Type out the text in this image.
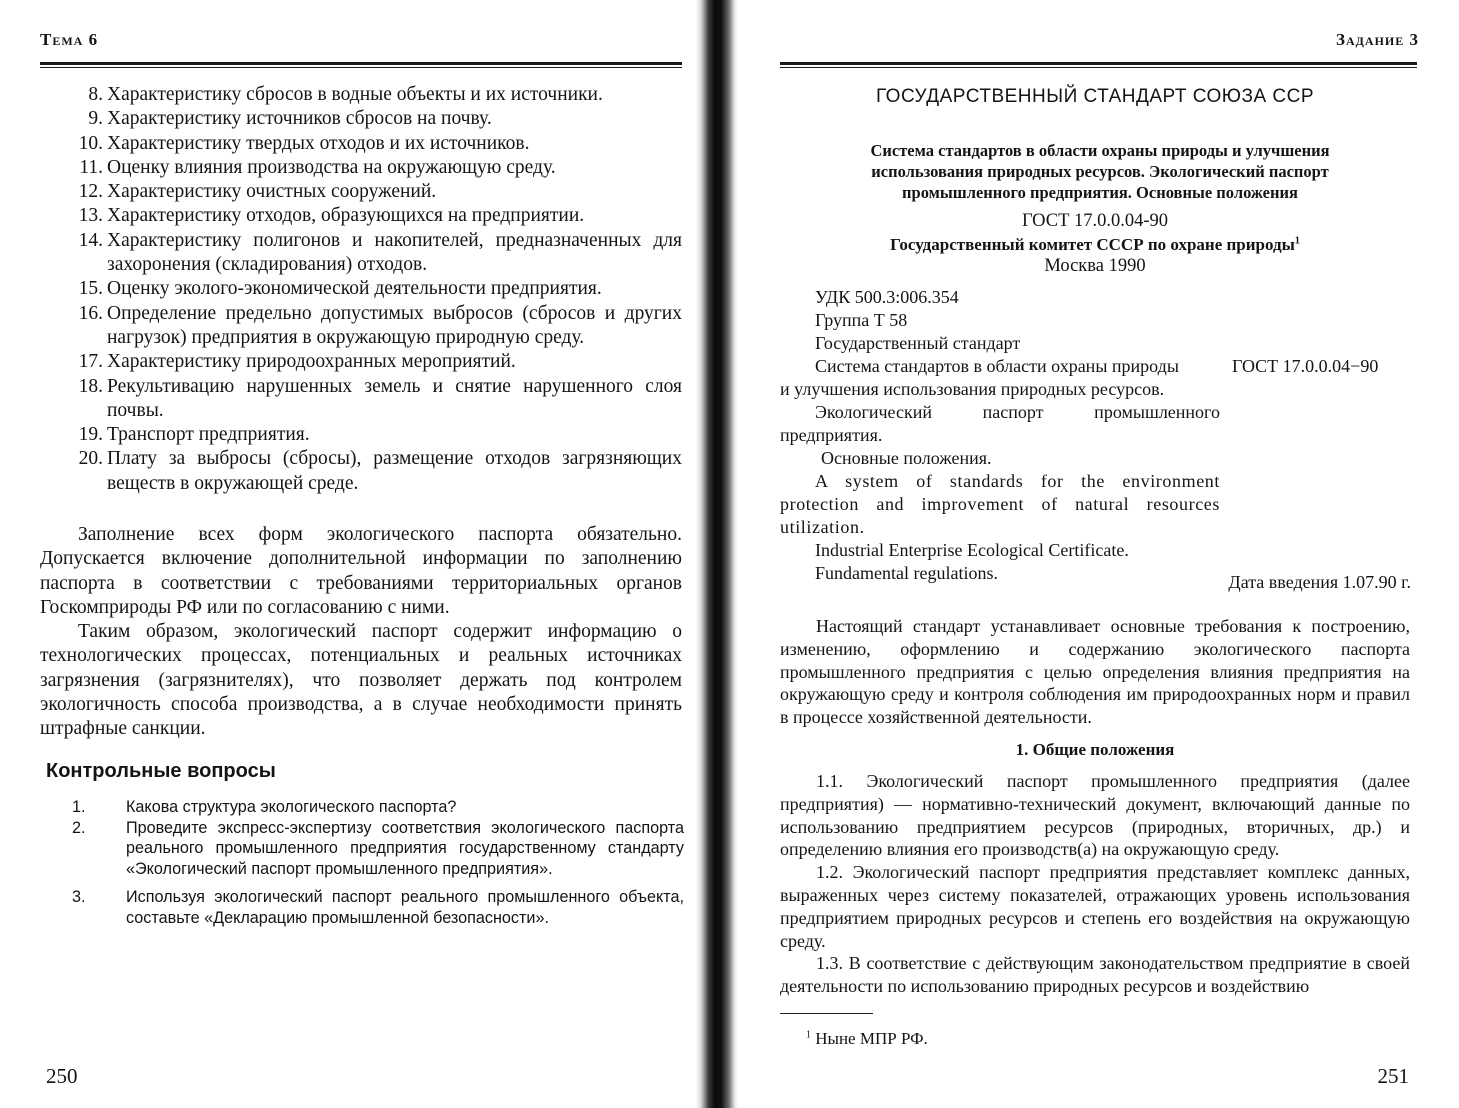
Тема 6
8. Характеристику сбросов в водные объекты и их источники.
9. Характеристику источников сбросов на почву.
10. Характеристику твердых отходов и их источников.
11. Оценку влияния производства на окружающую среду.
12. Характеристику очистных сооружений.
13. Характеристику отходов, образующихся на предприятии.
14. Характеристику полигонов и накопителей, предназначенных для захоронения (складирования) отходов.
15. Оценку эколого-экономической деятельности предприятия.
16. Определение предельно допустимых выбросов (сбросов и других нагрузок) предприятия в окружающую природную среду.
17. Характеристику природоохранных мероприятий.
18. Рекультивацию нарушенных земель и снятие нарушенного слоя почвы.
19. Транспорт предприятия.
20. Плату за выбросы (сбросы), размещение отходов загрязняющих веществ в окружающей среде.

Заполнение всех форм экологического паспорта обязательно. Допускается включение дополнительной информации по заполнению паспорта в соответствии с требованиями территориальных органов Госкомприроды РФ или по согласованию с ними.

Таким образом, экологический паспорт содержит информацию о технологических процессах, потенциальных и реальных источниках загрязнения (загрязнителях), что позволяет держать под контролем экологичность способа производства, а в случае необходимости принять штрафные санкции.

Контрольные вопросы
1.	Какова структура экологического паспорта?
2.	Проведите экспресс-экспертизу соответствия экологического паспорта реального промышленного предприятия государственному стандарту «Экологический паспорт промышленного предприятия».
3.	Используя экологический паспорт реального промышленного объекта, составьте «Декларацию промышленной безопасности».
250
Задание 3
ГОСУДАРСТВЕННЫЙ СТАНДАРТ СОЮЗА ССР
Система стандартов в области охраны природы и улучшения использования природных ресурсов. Экологический паспорт промышленного предприятия. Основные положения
ГОСТ 17.0.0.04-90
Государственный комитет СССР по охране природы$^1$
Москва 1990

УДК 500.3:006.354

Группа Т 58

Государственный стандарт

Система стандартов в области охраны природы

и улучшения использования природных ресурсов.

Экологический паспорт промышленного предприятия.

Основные положения.

A system of standards for the environment protection and improvement of natural resources utilization.

Industrial Enterprise Ecological Certificate.

Fundamental regulations.

ГОСТ 17.0.0.04−90
Дата введения 1.07.90 г.

Настоящий стандарт устанавливает основные требования к построению, изменению, оформлению и содержанию экологического паспорта промышленного предприятия с целью определения влияния предприятия на окружающую среду и контроля соблюдения им природоохранных норм и правил в процессе хозяйственной деятельности.

1. Общие положения

1.1. Экологический паспорт промышленного предприятия (далее предприятия) — нормативно-технический документ, включающий данные по использованию предприятием ресурсов (природных, вторичных, др.) и определению влияния его производств(а) на окружающую среду.

1.2. Экологический паспорт предприятия представляет комплекс данных, выраженных через систему показателей, отражающих уровень использования предприятием природных ресурсов и степень его воздействия на окружающую среду.

1.3. В соответствие с действующим законодательством предприятие в своей деятельности по использованию природных ресурсов и воздействию

$^1$ Ныне МПР РФ.
251
